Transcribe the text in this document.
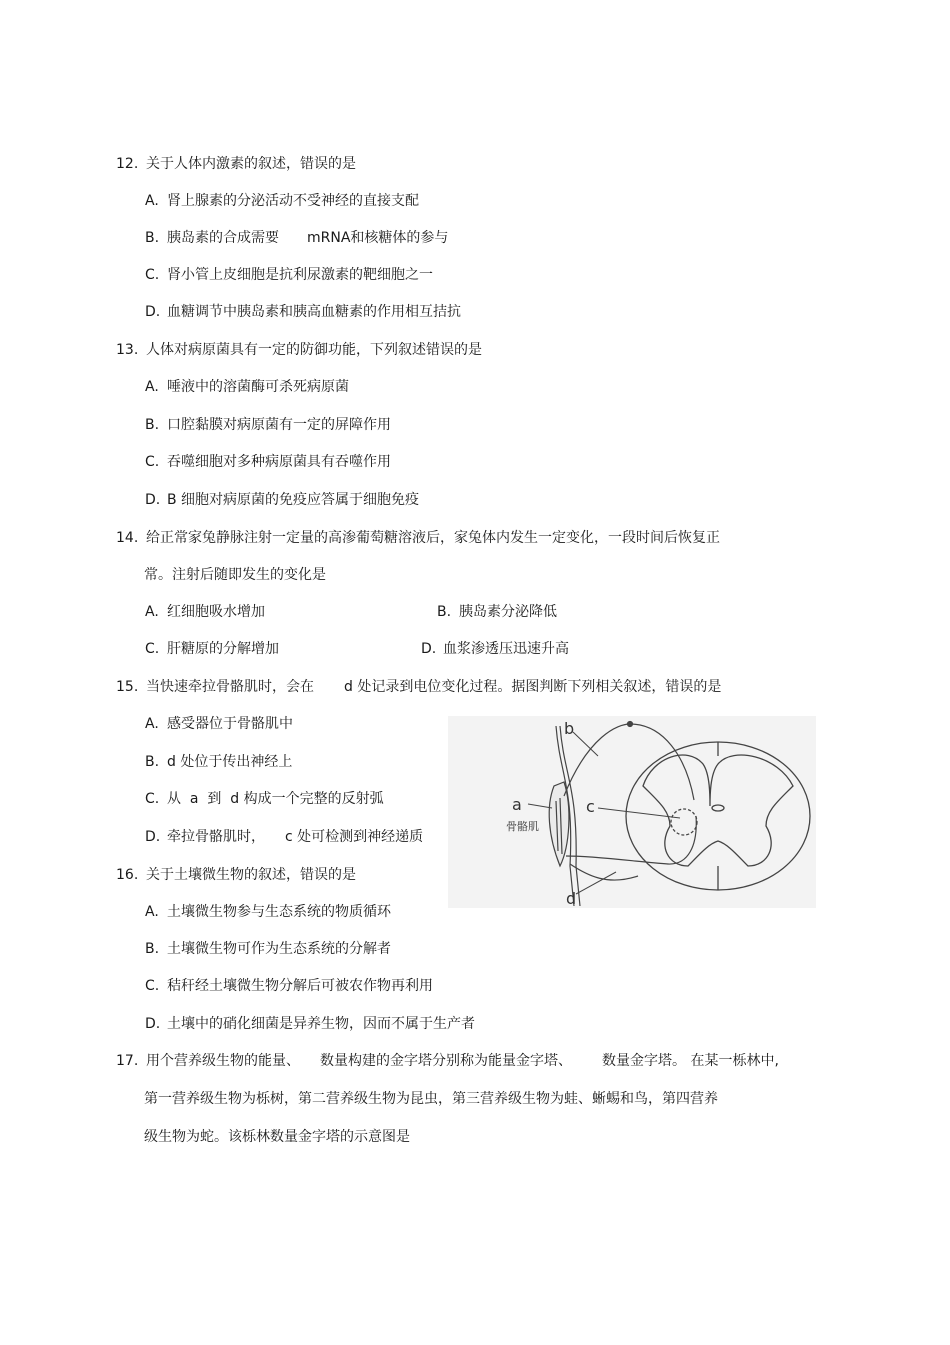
12. 关于人体内激素的叙述，错误的是
A. 肾上腺素的分泌活动不受神经的直接支配
B. 胰岛素的合成需要 mRNA和核糖体的参与
C. 肾小管上皮细胞是抗利尿激素的靶细胞之一
D. 血糖调节中胰岛素和胰高血糖素的作用相互拮抗
13. 人体对病原菌具有一定的防御功能，下列叙述错误的是
A. 唾液中的溶菌酶可杀死病原菌
B. 口腔黏膜对病原菌有一定的屏障作用
C. 吞噬细胞对多种病原菌具有吞噬作用
D. B 细胞对病原菌的免疫应答属于细胞免疫
14. 给正常家兔静脉注射一定量的高渗葡萄糖溶液后，家兔体内发生一定变化，一段时间后恢复正
常。注射后随即发生的变化是
A. 红细胞吸水增加	B. 胰岛素分泌降低
C. 肝糖原的分解增加	D. 血浆渗透压迅速升高
15. 当快速牵拉骨骼肌时，会在 d 处记录到电位变化过程。据图判断下列相关叙述，错误的是
A. 感受器位于骨骼肌中
B. d 处位于传出神经上
C. 从  a  到  d 构成一个完整的反射弧
D. 牵拉骨骼肌时， c 处可检测到神经递质
b
a	c
d
骨骼肌
16. 关于土壤微生物的叙述，错误的是
A. 土壤微生物参与生态系统的物质循环
B. 土壤微生物可作为生态系统的分解者
C. 秸秆经土壤微生物分解后可被农作物再利用
D. 土壤中的硝化细菌是异养生物，因而不属于生产者
17. 用个营养级生物的能量、 数量构建的金字塔分别称为能量金字塔、 数量金字塔。 在某一栎林中,
第一营养级生物为栎树，第二营养级生物为昆虫，第三营养级生物为蛙、蜥蜴和鸟，第四营养
级生物为蛇。该栎林数量金字塔的示意图是
